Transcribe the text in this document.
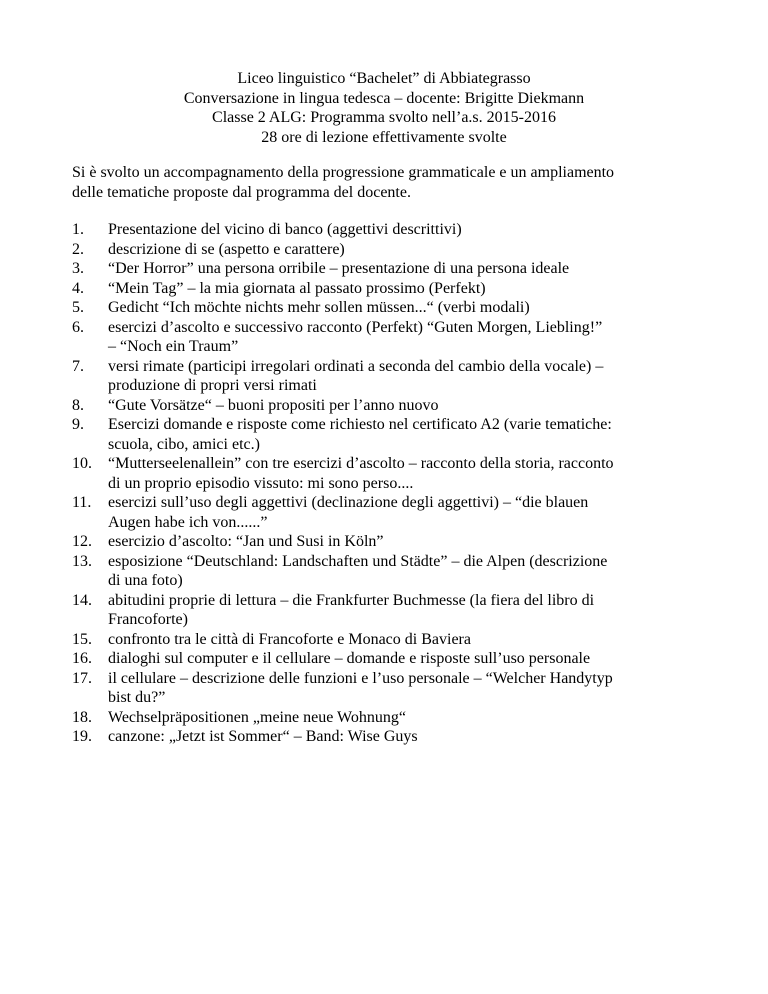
Liceo linguistico “Bachelet” di Abbiategrasso
Conversazione in lingua tedesca – docente: Brigitte Diekmann
Classe 2 ALG: Programma svolto nell’a.s. 2015-2016
28 ore di lezione effettivamente svolte
Si è svolto un accompagnamento della progressione grammaticale e un ampliamento
delle tematiche proposte dal programma del docente.
1.	Presentazione del vicino di banco (aggettivi descrittivi)
2.	descrizione di se (aspetto e carattere)
3.	“Der Horror” una persona orribile – presentazione di una persona ideale
4.	“Mein Tag” – la mia giornata al passato prossimo (Perfekt)
5.	Gedicht “Ich möchte nichts mehr sollen müssen...“ (verbi modali)
6.	esercizi d’ascolto e successivo racconto (Perfekt) “Guten Morgen, Liebling!”
– “Noch ein Traum”
7.	versi rimate (participi irregolari ordinati a seconda del cambio della vocale) –
produzione di propri versi rimati
8.	“Gute Vorsätze“ – buoni propositi per l’anno nuovo
9.	Esercizi domande e risposte come richiesto nel certificato A2 (varie tematiche:
scuola, cibo, amici etc.)
10.	“Mutterseelenallein” con tre esercizi d’ascolto – racconto della storia, racconto
di un proprio episodio vissuto: mi sono perso....
11.	esercizi sull’uso degli aggettivi (declinazione degli aggettivi) – “die blauen
Augen habe ich von......”
12.	esercizio d’ascolto: “Jan und Susi in Köln”
13.	esposizione “Deutschland: Landschaften und Städte” – die Alpen (descrizione
di una foto)
14.	abitudini proprie di lettura – die Frankfurter Buchmesse (la fiera del libro di
Francoforte)
15.	confronto tra le città di Francoforte e Monaco di Baviera
16.	dialoghi sul computer e il cellulare – domande e risposte sull’uso personale
17.	il cellulare – descrizione delle funzioni e l’uso personale – “Welcher Handytyp
bist du?”
18.	Wechselpräpositionen „meine neue Wohnung“
19.	canzone: „Jetzt ist Sommer“ – Band: Wise Guys
